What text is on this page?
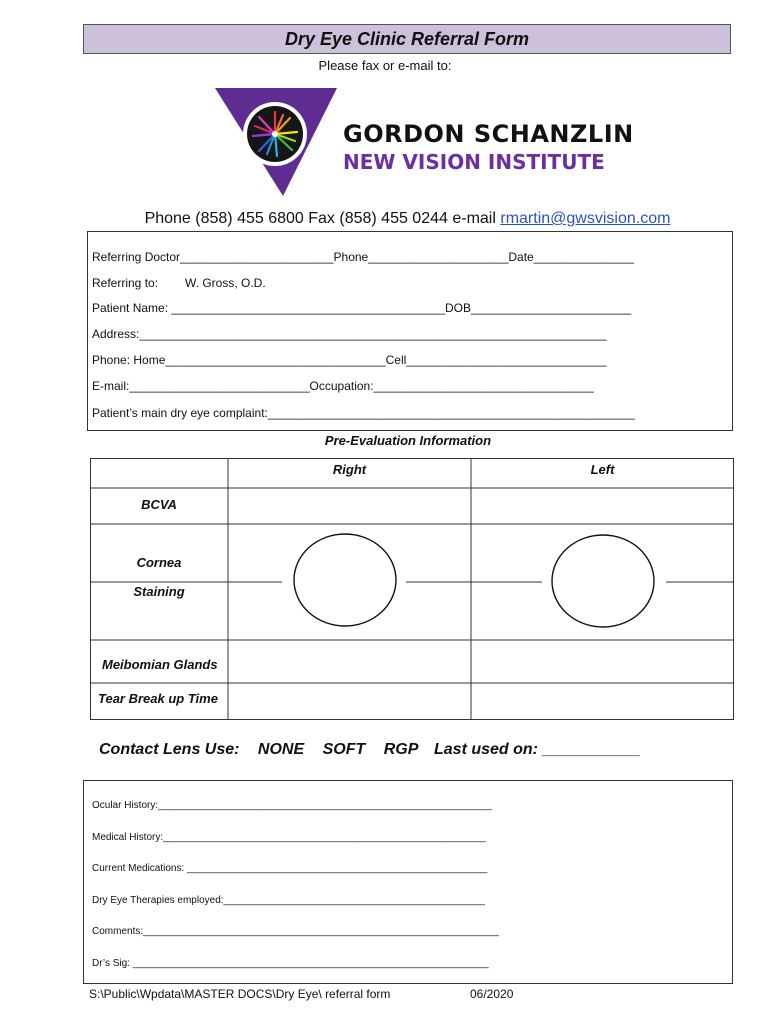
Dry Eye Clinic Referral Form
Please fax or e-mail to:
GORDON SCHANZLIN
NEW VISION INSTITUTE
Phone (858) 455 6800 Fax (858) 455 0244 e-mail rmartin@gwsvision.com
Referring Doctor_______________________Phone_____________________Date_______________
Referring to: W. Gross, O.D.
Patient Name: _________________________________________DOB________________________
Address:______________________________________________________________________
Phone: Home_________________________________Cell______________________________
E-mail:___________________________Occupation:_________________________________
Patient’s main dry eye complaint:_______________________________________________________
Pre-Evaluation Information
Right	Left
BCVA
Cornea
Staining
Meibomian Glands
Tear Break up Time
Contact Lens Use: NONE SOFT RGP Last used on: ___________
Ocular History:____________________________________________________________
Medical History:__________________________________________________________
Current Medications: ______________________________________________________
Dry Eye Therapies employed:_______________________________________________
Comments:________________________________________________________________
Dr’s Sig: ________________________________________________________________
S:\Public\Wpdata\MASTER DOCS\Dry Eye\ referral form	06/2020
